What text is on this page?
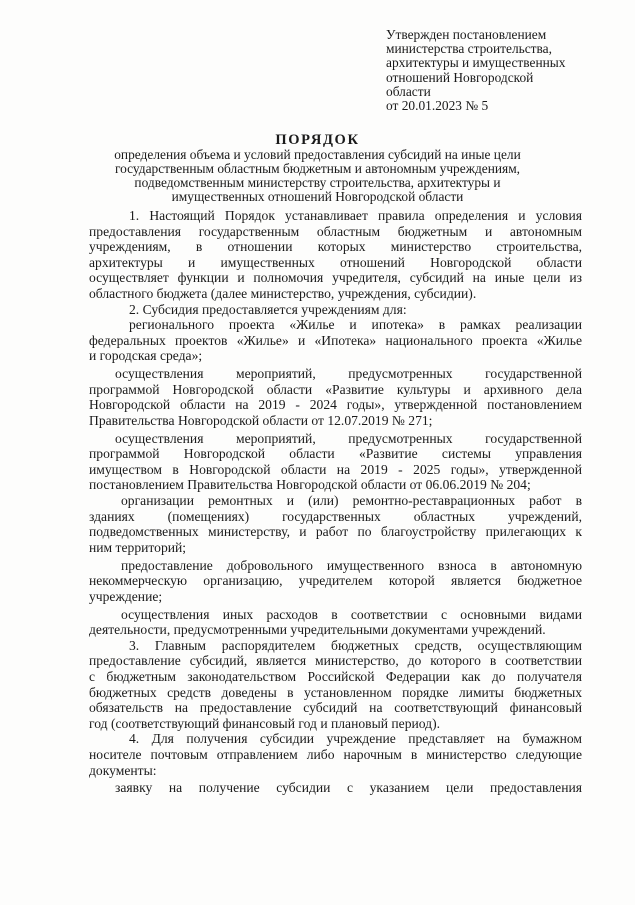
Утвержден постановлением
министерства строительства,
архитектуры и имущественных
отношений Новгородской
области
от 20.01.2023 № 5
ПОРЯДОК
определения объема и условий предоставления субсидий на иные цели
государственным областным бюджетным и автономным учреждениям,
подведомственным министерству строительства, архитектуры и
имущественных отношений Новгородской области
1. Настоящий Порядок устанавливает правила определения и условия
предоставления государственным областным бюджетным и автономным
учреждениям, в отношении которых министерство строительства,
архитектуры и имущественных отношений Новгородской области
осуществляет функции и полномочия учредителя, субсидий на иные цели из
областного бюджета (далее министерство, учреждения, субсидии).
2. Субсидия предоставляется учреждениям для:
регионального проекта «Жилье и ипотека» в рамках реализации
федеральных проектов «Жилье» и «Ипотека» национального проекта «Жилье
и городская среда»;
осуществления мероприятий, предусмотренных государственной
программой Новгородской области «Развитие культуры и архивного дела
Новгородской области на 2019 - 2024 годы», утвержденной постановлением
Правительства Новгородской области от 12.07.2019 № 271;
осуществления мероприятий, предусмотренных государственной
программой Новгородской области «Развитие системы управления
имуществом в Новгородской области на 2019 - 2025 годы», утвержденной
постановлением Правительства Новгородской области от 06.06.2019 № 204;
организации ремонтных и (или) ремонтно-реставрационных работ в
зданиях (помещениях) государственных областных учреждений,
подведомственных министерству, и работ по благоустройству прилегающих к
ним территорий;
предоставление добровольного имущественного взноса в автономную
некоммерческую организацию, учредителем которой является бюджетное
учреждение;
осуществления иных расходов в соответствии с основными видами
деятельности, предусмотренными учредительными документами учреждений.
3. Главным распорядителем бюджетных средств, осуществляющим
предоставление субсидий, является министерство, до которого в соответствии
с бюджетным законодательством Российской Федерации как до получателя
бюджетных средств доведены в установленном порядке лимиты бюджетных
обязательств на предоставление субсидий на соответствующий финансовый
год (соответствующий финансовый год и плановый период).
4. Для получения субсидии учреждение представляет на бумажном
носителе почтовым отправлением либо нарочным в министерство следующие
документы:
заявку на получение субсидии с указанием цели предоставления
